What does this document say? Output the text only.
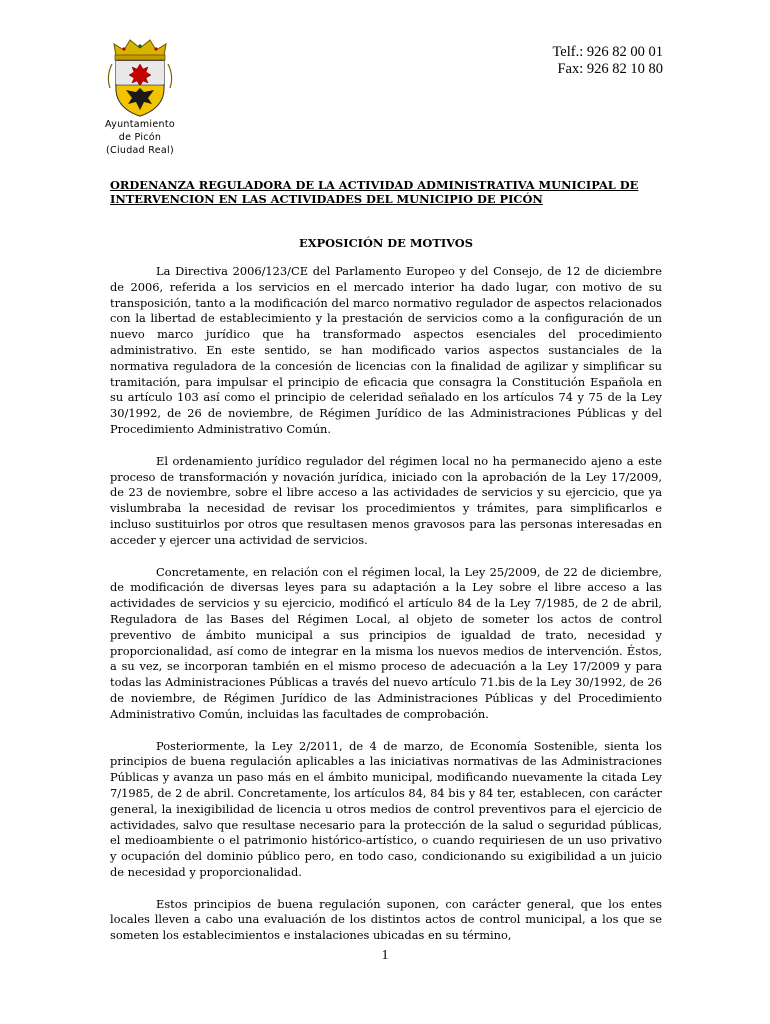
Ayuntamiento
de Picón
(Ciudad Real)
Telf.: 926 82 00 01
Fax: 926 82 10 80
ORDENANZA REGULADORA DE LA ACTIVIDAD ADMINISTRATIVA MUNICIPAL DE INTERVENCION EN LAS ACTIVIDADES DEL MUNICIPIO DE PICÓN
EXPOSICIÓN DE MOTIVOS

La Directiva 2006/123/CE del Parlamento Europeo y del Consejo, de 12 de diciembre de 2006, referida a los servicios en el mercado interior ha dado lugar, con motivo de su transposición, tanto a la modificación del marco normativo regulador de aspectos relacionados con la libertad de establecimiento y la prestación de servicios como a la configuración de un nuevo marco jurídico que ha transformado aspectos esenciales del procedimiento administrativo. En este sentido, se han modificado varios aspectos sustanciales de la normativa reguladora de la concesión de licencias con la finalidad de agilizar y simplificar su tramitación, para impulsar el principio de eficacia que consagra la Constitución Española en su artículo 103 así como el principio de celeridad señalado en los artículos 74 y 75 de la Ley 30/1992, de 26 de noviembre, de Régimen Jurídico de las Administraciones Públicas y del Procedimiento Administrativo Común.

El ordenamiento jurídico regulador del régimen local no ha permanecido ajeno a este proceso de transformación y novación jurídica, iniciado con la aprobación de la Ley 17/2009, de 23 de noviembre, sobre el libre acceso a las actividades de servicios y su ejercicio, que ya vislumbraba la necesidad de revisar los procedimientos y trámites, para simplificarlos e incluso sustituirlos por otros que resultasen menos gravosos para las personas interesadas en acceder y ejercer una actividad de servicios.

Concretamente, en relación con el régimen local, la Ley 25/2009, de 22 de diciembre, de modificación de diversas leyes para su adaptación a la Ley sobre el libre acceso a las actividades de servicios y su ejercicio, modificó el artículo 84 de la Ley 7/1985, de 2 de abril, Reguladora de las Bases del Régimen Local, al objeto de someter los actos de control preventivo de ámbito municipal a sus principios de igualdad de trato, necesidad y proporcionalidad, así como de integrar en la misma los nuevos medios de intervención. Éstos, a su vez, se incorporan también en el mismo proceso de adecuación a la Ley 17/2009 y para todas las Administraciones Públicas a través del nuevo artículo 71.bis de la Ley 30/1992, de 26 de noviembre, de Régimen Jurídico de las Administraciones Públicas y del Procedimiento Administrativo Común, incluidas las facultades de comprobación.

Posteriormente, la Ley 2/2011, de 4 de marzo, de Economía Sostenible, sienta los principios de buena regulación aplicables a las iniciativas normativas de las Administraciones Públicas y avanza un paso más en el ámbito municipal, modificando nuevamente la citada Ley 7/1985, de 2 de abril. Concretamente, los artículos 84, 84 bis y 84 ter, establecen, con carácter general, la inexigibilidad de licencia u otros medios de control preventivos para el ejercicio de actividades, salvo que resultase necesario para la protección de la salud o seguridad públicas, el medioambiente o el patrimonio histórico-artístico, o cuando requiriesen de un uso privativo y ocupación del dominio público pero, en todo caso, condicionando su exigibilidad a un juicio de necesidad y proporcionalidad.

Estos principios de buena regulación suponen, con carácter general, que los entes locales lleven a cabo una evaluación de los distintos actos de control municipal, a los que se someten los establecimientos e instalaciones ubicadas en su término,

1
